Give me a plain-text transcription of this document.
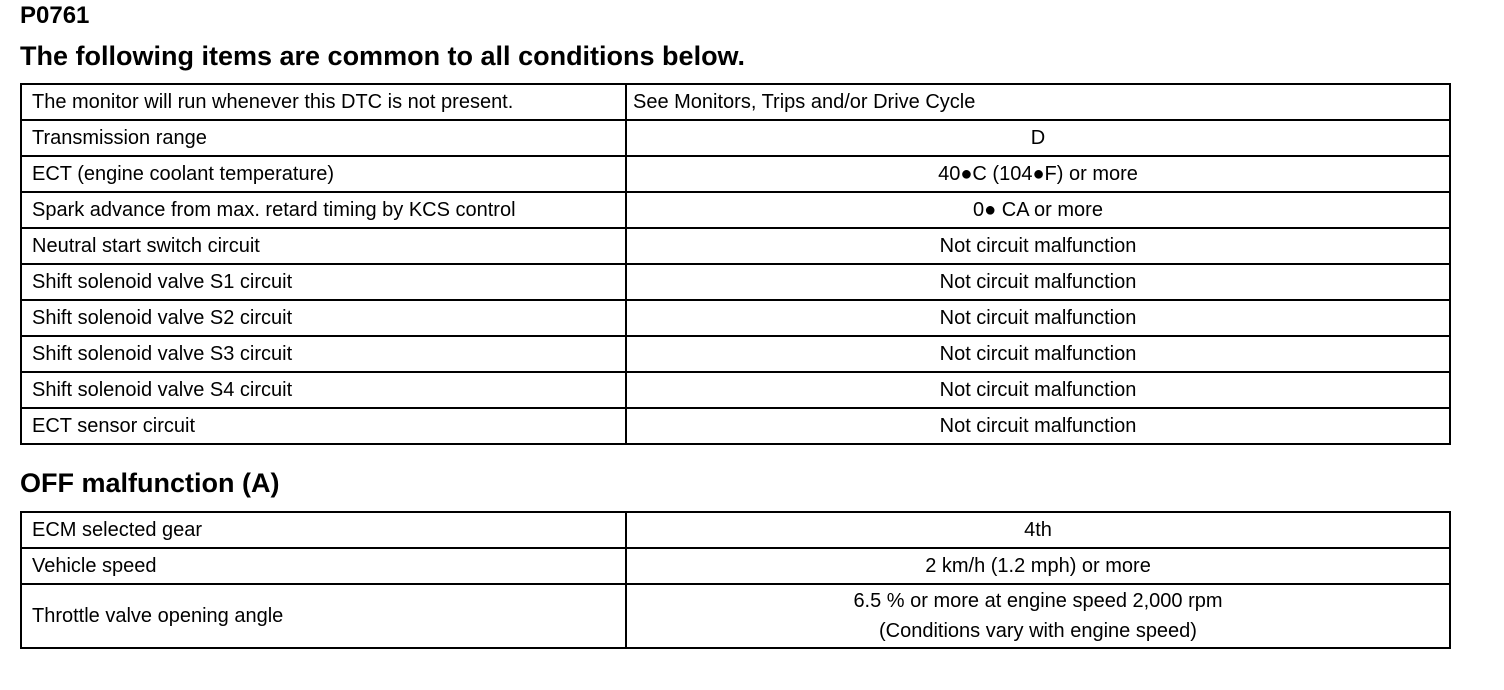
P0761
The following items are common to all conditions below.
The monitor will run whenever this DTC is not present.	See Monitors, Trips and/or Drive Cycle
Transmission range	D
ECT (engine coolant temperature)	40●C (104●F) or more
Spark advance from max. retard timing by KCS control	0● CA or more
Neutral start switch circuit	Not circuit malfunction
Shift solenoid valve S1 circuit	Not circuit malfunction
Shift solenoid valve S2 circuit	Not circuit malfunction
Shift solenoid valve S3 circuit	Not circuit malfunction
Shift solenoid valve S4 circuit	Not circuit malfunction
ECT sensor circuit	Not circuit malfunction
OFF malfunction (A)
ECM selected gear	4th
Vehicle speed	2 km/h (1.2 mph) or more
Throttle valve opening angle	6.5 % or more at engine speed 2,000 rpm
(Conditions vary with engine speed)
